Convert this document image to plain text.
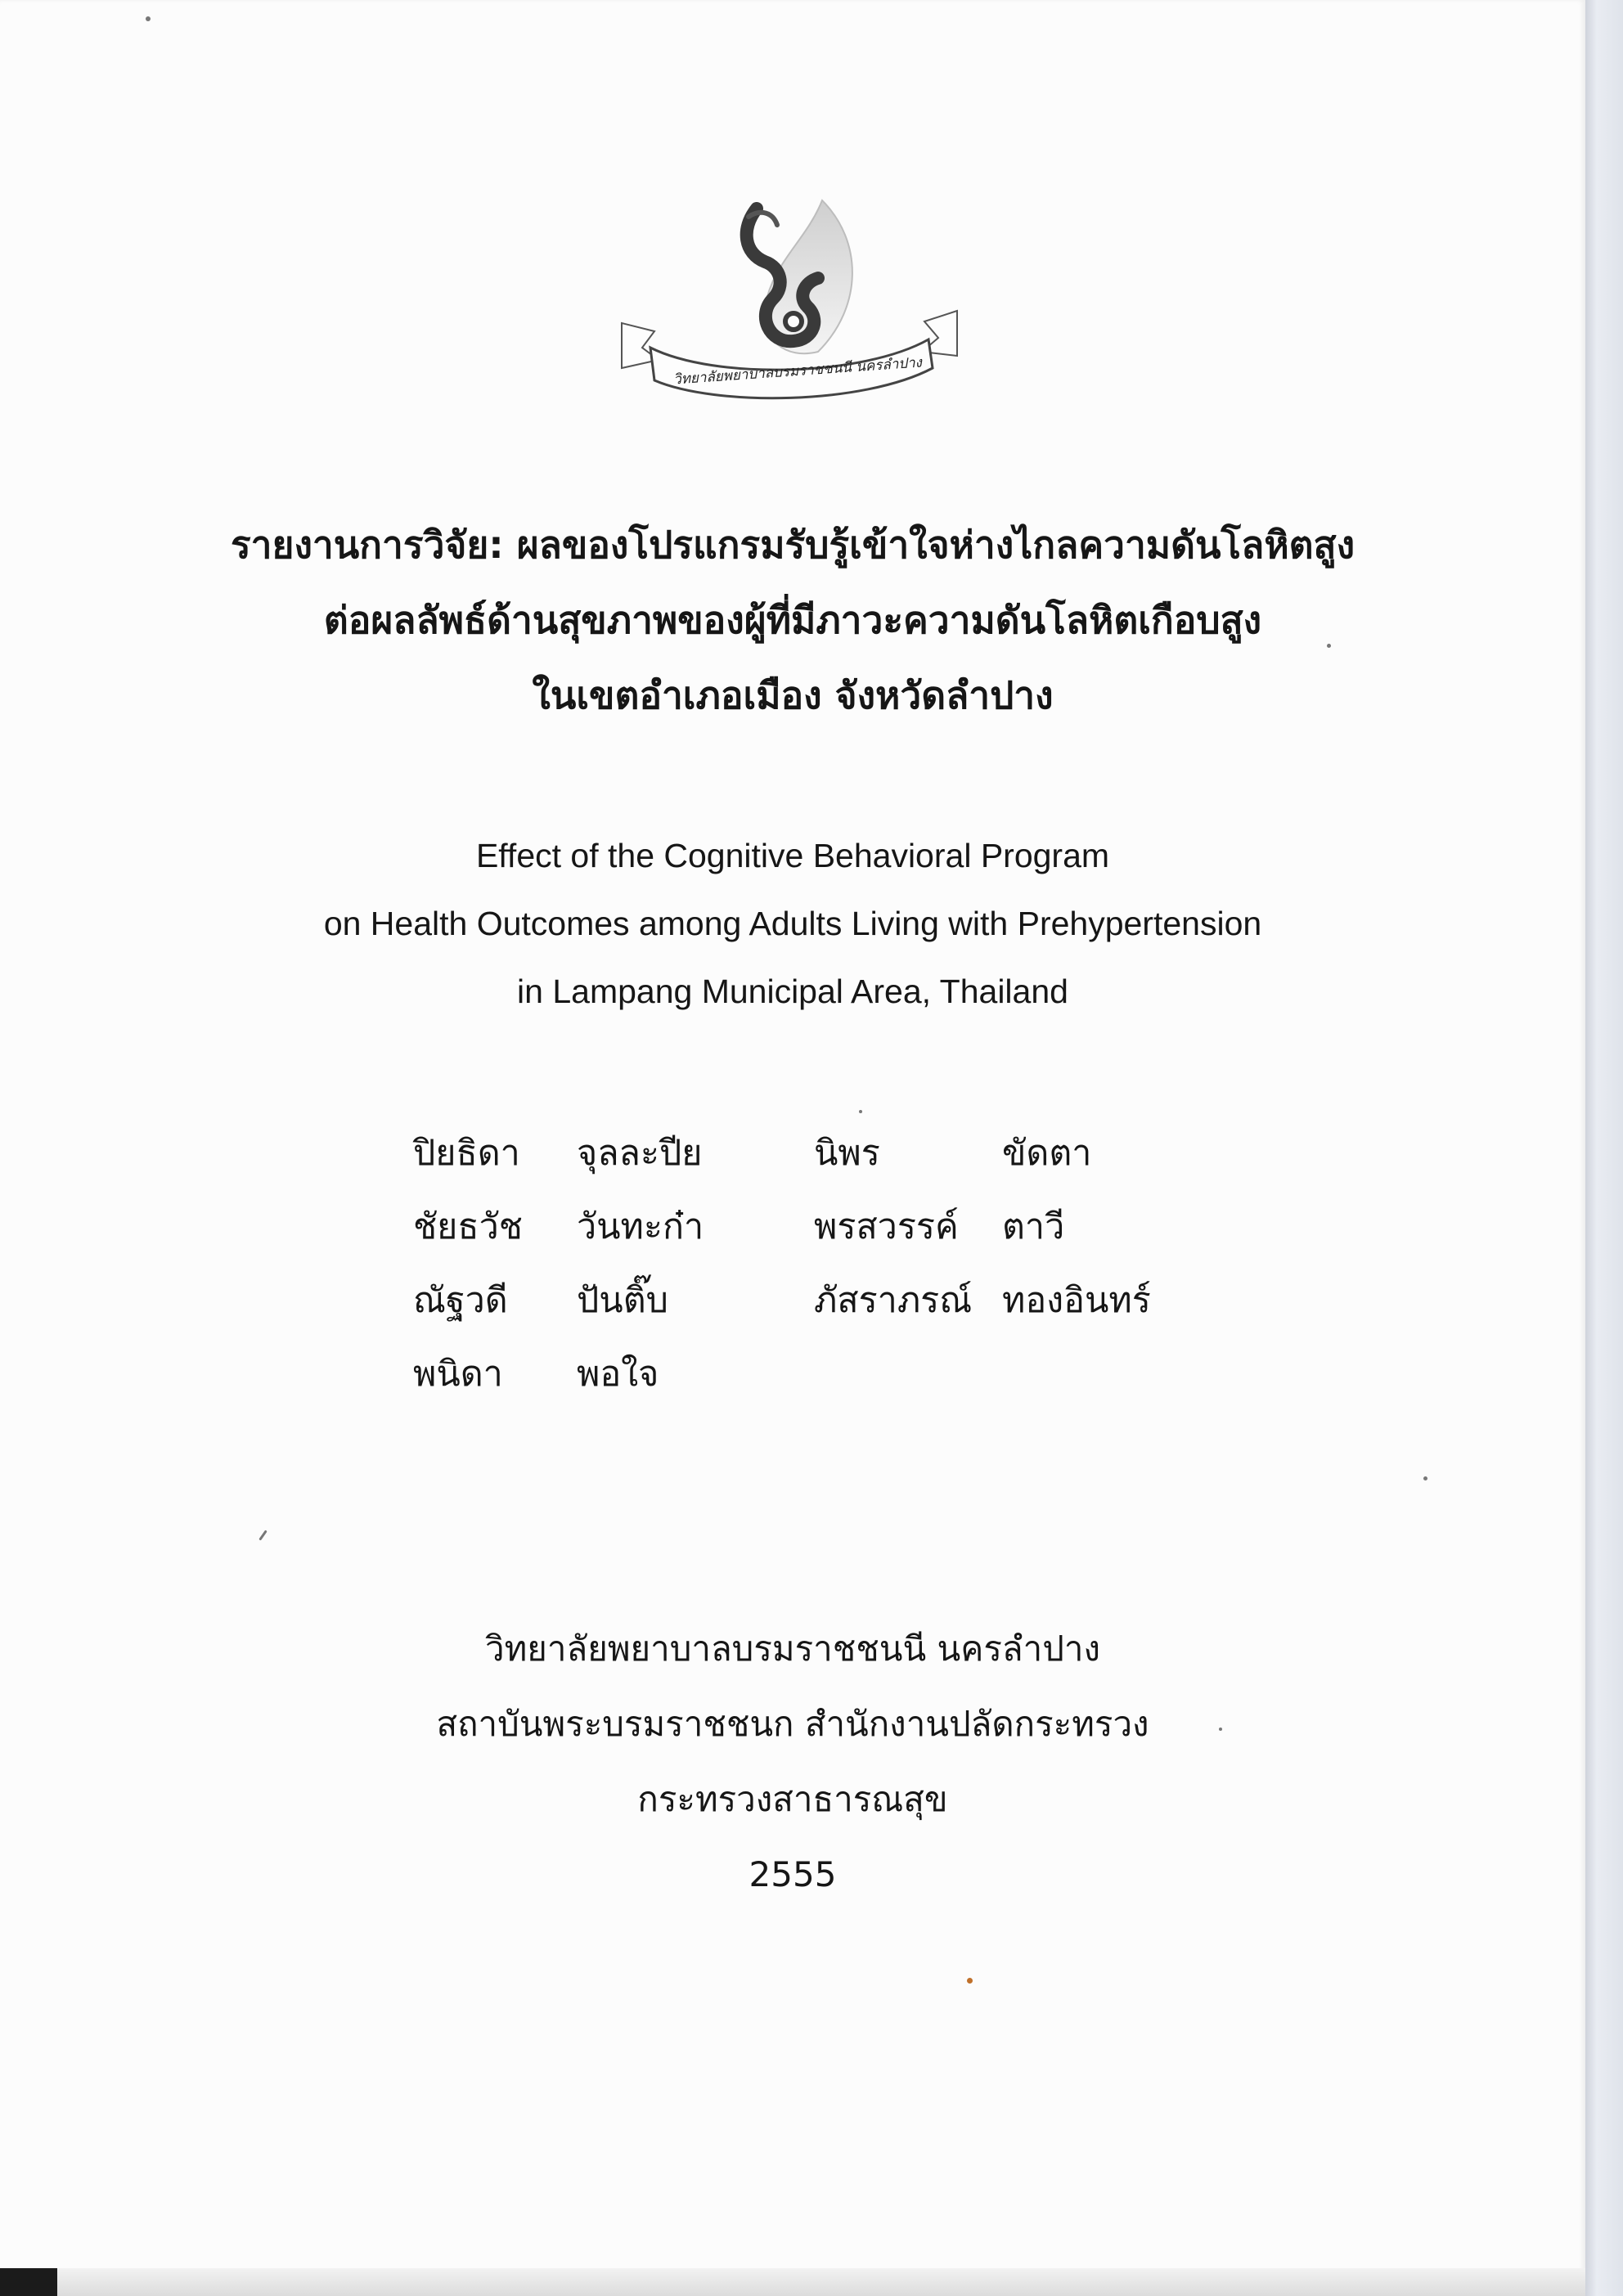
วิทยาลัยพยาบาลบรมราชชนนี นครลำปาง
รายงานการวิจัย: ผลของโปรแกรมรับรู้เข้าใจห่างไกลความดันโลหิตสูง
ต่อผลลัพธ์ด้านสุขภาพของผู้ที่มีภาวะความดันโลหิตเกือบสูง
ในเขตอำเภอเมือง จังหวัดลำปาง
Effect of the Cognitive Behavioral Program
on Health Outcomes among Adults Living with Prehypertension
in Lampang Municipal Area, Thailand
ปิยธิดา จุลละปีย	นิพร	ขัดตา
ชัยธวัช วันทะก๋า	พรสวรรค์ ตาวี
ณัฐวดี ปันติ๊บ	ภัสราภรณ์ ทองอินทร์
พนิดา พอใจ
วิทยาลัยพยาบาลบรมราชชนนี นครลำปาง
สถาบันพระบรมราชชนก สำนักงานปลัดกระทรวง
กระทรวงสาธารณสุข
2555
